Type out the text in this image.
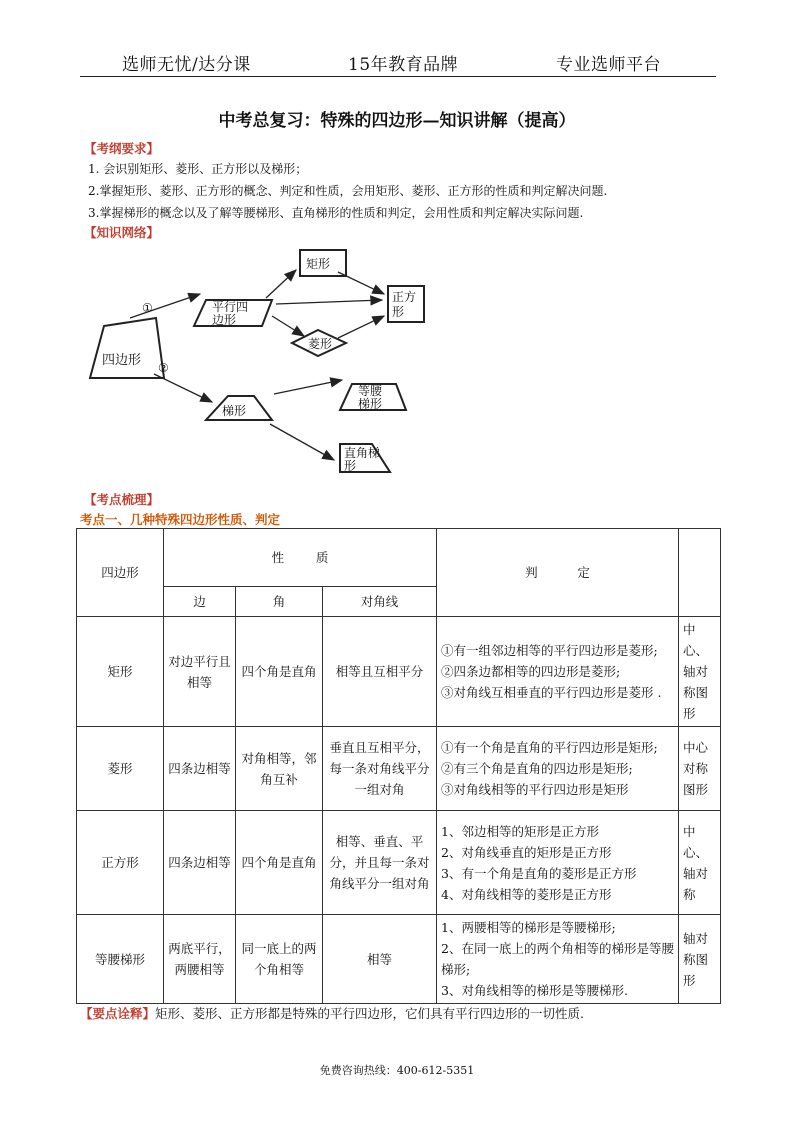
选师无忧/达分课	15年教育品牌	专业选师平台
中考总复习：特殊的四边形—知识讲解（提高）
【考纲要求】
1. 会识别矩形、菱形、正方形以及梯形；
2.掌握矩形、菱形、正方形的概念、判定和性质，会用矩形、菱形、正方形的性质和判定解决问题.
3.掌握梯形的概念以及了解等腰梯形、直角梯形的性质和判定，会用性质和判定解决实际问题.
【知识网络】
①
②
四边形
平行四
边形
矩形
正方
形
菱形
梯形
等腰
梯形
直角梯
形
【考点梳理】
考点一、几种特殊四边形性质、判定
四边形	性        质			判          定	
	边	角	对角线		
矩形	对边平行且相等	四个角是直角	相等且互相平分	①有一组邻边相等的平行四边形是菱形;
②四条边都相等的四边形是菱形;
③对角线互相垂直的平行四边形是菱形 .	中心、轴对称图形
菱形	四条边相等	对角相等，邻角互补	垂直且互相平分，每一条对角线平分一组对角	①有一个角是直角的平行四边形是矩形;
②有三个角是直角的四边形是矩形;
③对角线相等的平行四边形是矩形	中心对称图形
正方形	四条边相等	四个角是直角	相等、垂直、平分，并且每一条对角线平分一组对角	1、邻边相等的矩形是正方形
2、对角线垂直的矩形是正方形
3、有一个角是直角的菱形是正方形
4、对角线相等的菱形是正方形	中心、轴对称
等腰梯形	两底平行，两腰相等	同一底上的两个角相等	相等	1、两腰相等的梯形是等腰梯形;
2、在同一底上的两个角相等的梯形是等腰梯形;
3、对角线相等的梯形是等腰梯形.	轴对称图形
【要点诠释】矩形、菱形、正方形都是特殊的平行四边形，它们具有平行四边形的一切性质.
免费咨询热线：400-612-5351
